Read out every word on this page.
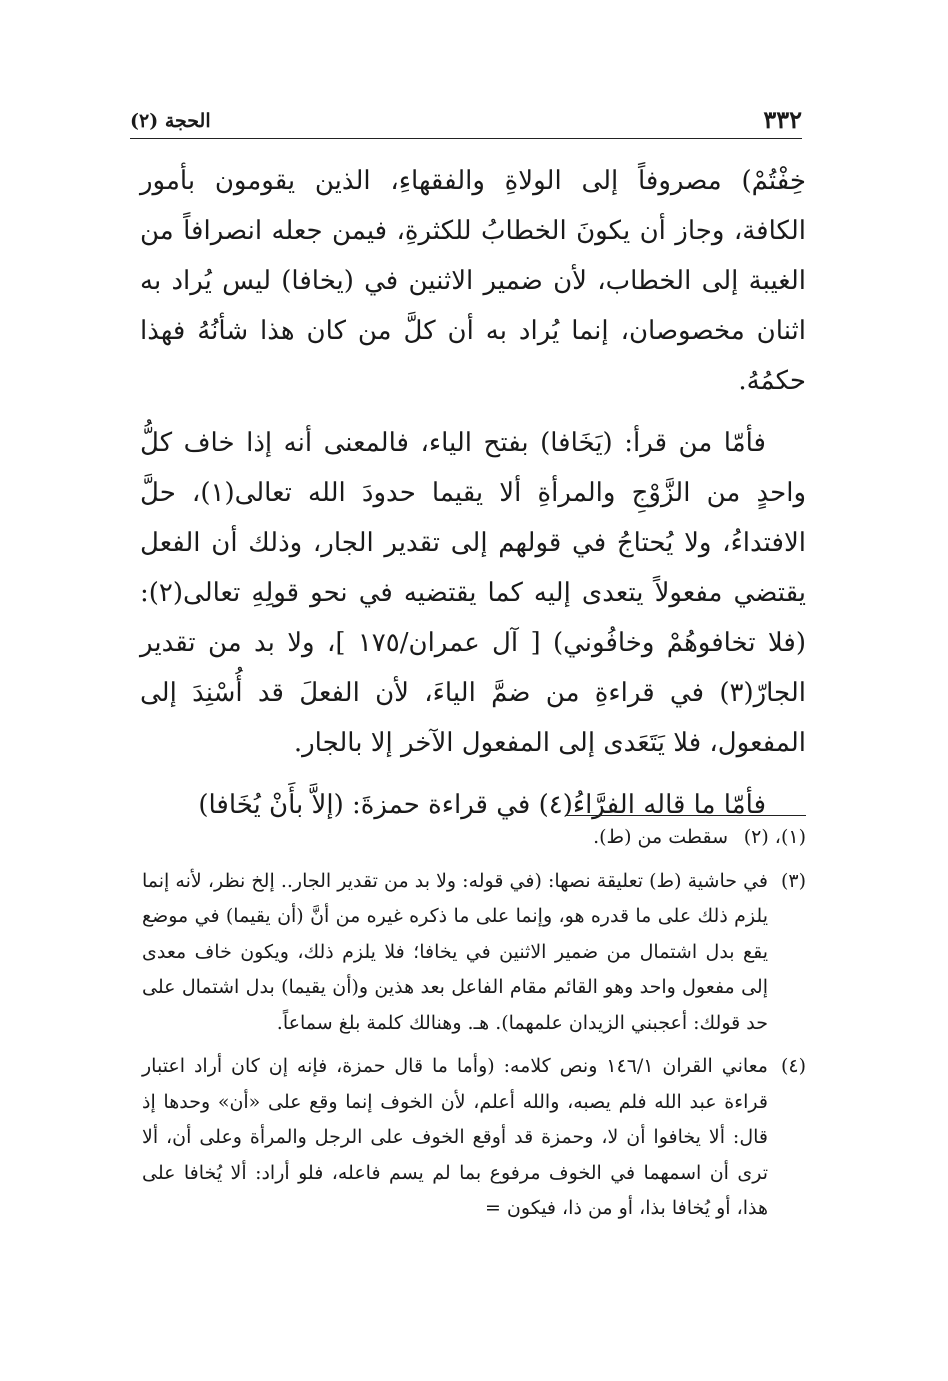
٣٣٢
الحجة (٢)

خِفْتُمْ) مصروفاً إلى الولاةِ والفقهاءِ، الذين يقومون بأمور الكافة، وجاز أن يكونَ الخطابُ للكثرةِ، فيمن جعله انصرافاً من الغيبة إلى الخطاب، لأن ضمير الاثنين في (يخافا) ليس يُراد به اثنان مخصوصان، إنما يُراد به أن كلَّ من كان هذا شأنُهُ فهذا حكمُهُ.

فأمّا من قرأ: (يَخَافا) بفتح الياء، فالمعنى أنه إذا خاف كلُّ واحدٍ من الزَّوْجِ والمرأةِ ألا يقيما حدودَ الله تعالى(١)، حلَّ الافتداءُ، ولا يُحتاجُ في قولهم إلى تقدير الجار، وذلك أن الفعل يقتضي مفعولاً يتعدى إليه كما يقتضيه في نحو قولِهِ تعالى(٢): (فلا تخافوهُمْ وخافُوني) [ آل عمران/١٧٥ ]، ولا بد من تقدير الجارّ(٣) في قراءةِ من ضمَّ الياءَ، لأن الفعلَ قد أُسْنِدَ إلى المفعول، فلا يَتَعَدى إلى المفعول الآخر إلا بالجار.

فأمّا ما قاله الفرَّاءُ(٤) في قراءة حمزةَ: (إلاَّ بأَنْ يُخَافا)

(١)، (٢)
سقطت من (ط).

(٣)
في حاشية (ط) تعليقة نصها: (في قوله: ولا بد من تقدير الجار.. إلخ نظر، لأنه إنما يلزم ذلك على ما قدره هو، وإنما على ما ذكره غيره من أنَّ (أن يقيما) في موضع يقع بدل اشتمال من ضمير الاثنين في يخافا؛ فلا يلزم ذلك، ويكون خاف معدى إلى مفعول واحد وهو القائم مقام الفاعل بعد هذين و(أن يقيما) بدل اشتمال على حد قولك: أعجبني الزيدان علمهما). هـ. وهنالك كلمة بلغ سماعاً.

(٤)
معاني القران ١٤٦/١ ونص كلامه: (وأما ما قال حمزة، فإنه إن كان أراد اعتبار قراءة عبد الله فلم يصبه، والله أعلم، لأن الخوف إنما وقع على «أن» وحدها إذ قال: ألا يخافوا أن لا، وحمزة قد أوقع الخوف على الرجل والمرأة وعلى أن، ألا ترى أن اسمهما في الخوف مرفوع بما لم يسم فاعله، فلو أراد: ألا يُخافا على هذا، أو يُخافا بذا، أو من ذا، فيكون =
